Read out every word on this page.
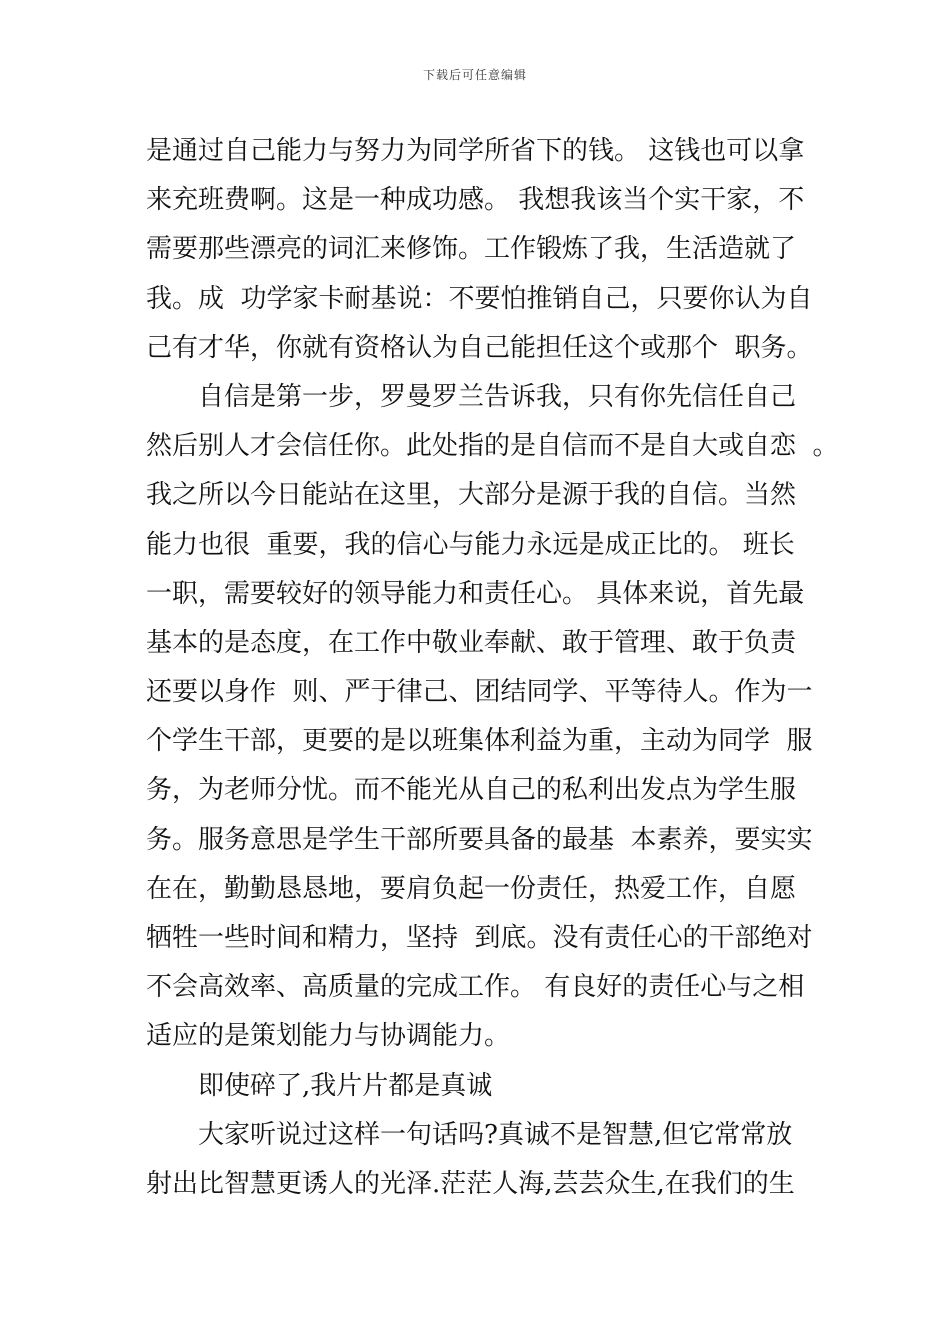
下载后可任意编辑
是通过自己能力与努力为同学所省下的钱。 这钱也可以拿
来充班费啊。这是一种成功感。 我想我该当个实干家，不
需要那些漂亮的词汇来修饰。工作锻炼了我，生活造就了
我。成  功学家卡耐基说：不要怕推销自己，只要你认为自
己有才华，你就有资格认为自己能担任这个或那个  职务。
自信是第一步，罗曼罗兰告诉我，只有你先信任自己
然后别人才会信任你。此处指的是自信而不是自大或自恋  。
我之所以今日能站在这里，大部分是源于我的自信。当然
能力也很  重要，我的信心与能力永远是成正比的。 班长
一职，需要较好的领导能力和责任心。 具体来说，首先最
基本的是态度，在工作中敬业奉献、敢于管理、敢于负责
还要以身作  则、严于律己、团结同学、平等待人。作为一
个学生干部，更要的是以班集体利益为重，主动为同学  服
务，为老师分忧。而不能光从自己的私利出发点为学生服
务。服务意思是学生干部所要具备的最基  本素养，要实实
在在，勤勤恳恳地，要肩负起一份责任，热爱工作，自愿
牺牲一些时间和精力，坚持  到底。没有责任心的干部绝对
不会高效率、高质量的完成工作。 有良好的责任心与之相
适应的是策划能力与协调能力。
即使碎了,我片片都是真诚
大家听说过这样一句话吗?真诚不是智慧,但它常常放
射出比智慧更诱人的光泽.茫茫人海,芸芸众生,在我们的生
